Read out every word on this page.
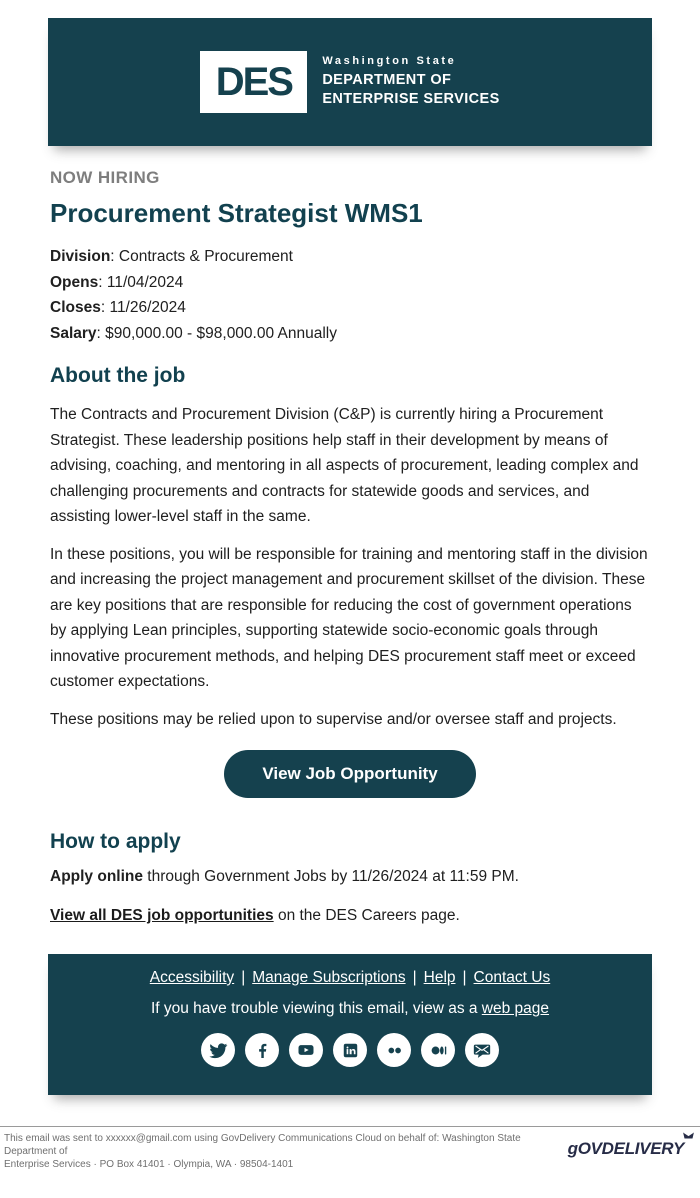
DES	Washington State
DEPARTMENT OF
ENTERPRISE SERVICES
NOW HIRING
Procurement Strategist WMS1
Division: Contracts & Procurement
Opens: 11/04/2024
Closes: 11/26/2024
Salary: $90,000.00 - $98,000.00 Annually
About the job

The Contracts and Procurement Division (C&P) is currently hiring a Procurement Strategist. These leadership positions help staff in their development by means of advising, coaching, and mentoring in all aspects of procurement, leading complex and challenging procurements and contracts for statewide goods and services, and assisting lower-level staff in the same.

In these positions, you will be responsible for training and mentoring staff in the division and increasing the project management and procurement skillset of the division. These are key positions that are responsible for reducing the cost of government operations by applying Lean principles, supporting statewide socio-economic goals through innovative procurement methods, and helping DES procurement staff meet or exceed customer expectations.

These positions may be relied upon to supervise and/or oversee staff and projects.

View Job Opportunity
How to apply

Apply online through Government Jobs by 11/26/2024 at 11:59 PM.

View all DES job opportunities on the DES Careers page.

Accessibility | Manage Subscriptions | Help | Contact Us
If you have trouble viewing this email, view as a web page
This email was sent to xxxxxx@gmail.com using GovDelivery Communications Cloud on behalf of: Washington State Department of
Enterprise Services · PO Box 41401 · Olympia, WA · 98504-1401
gOVDELIVERY
